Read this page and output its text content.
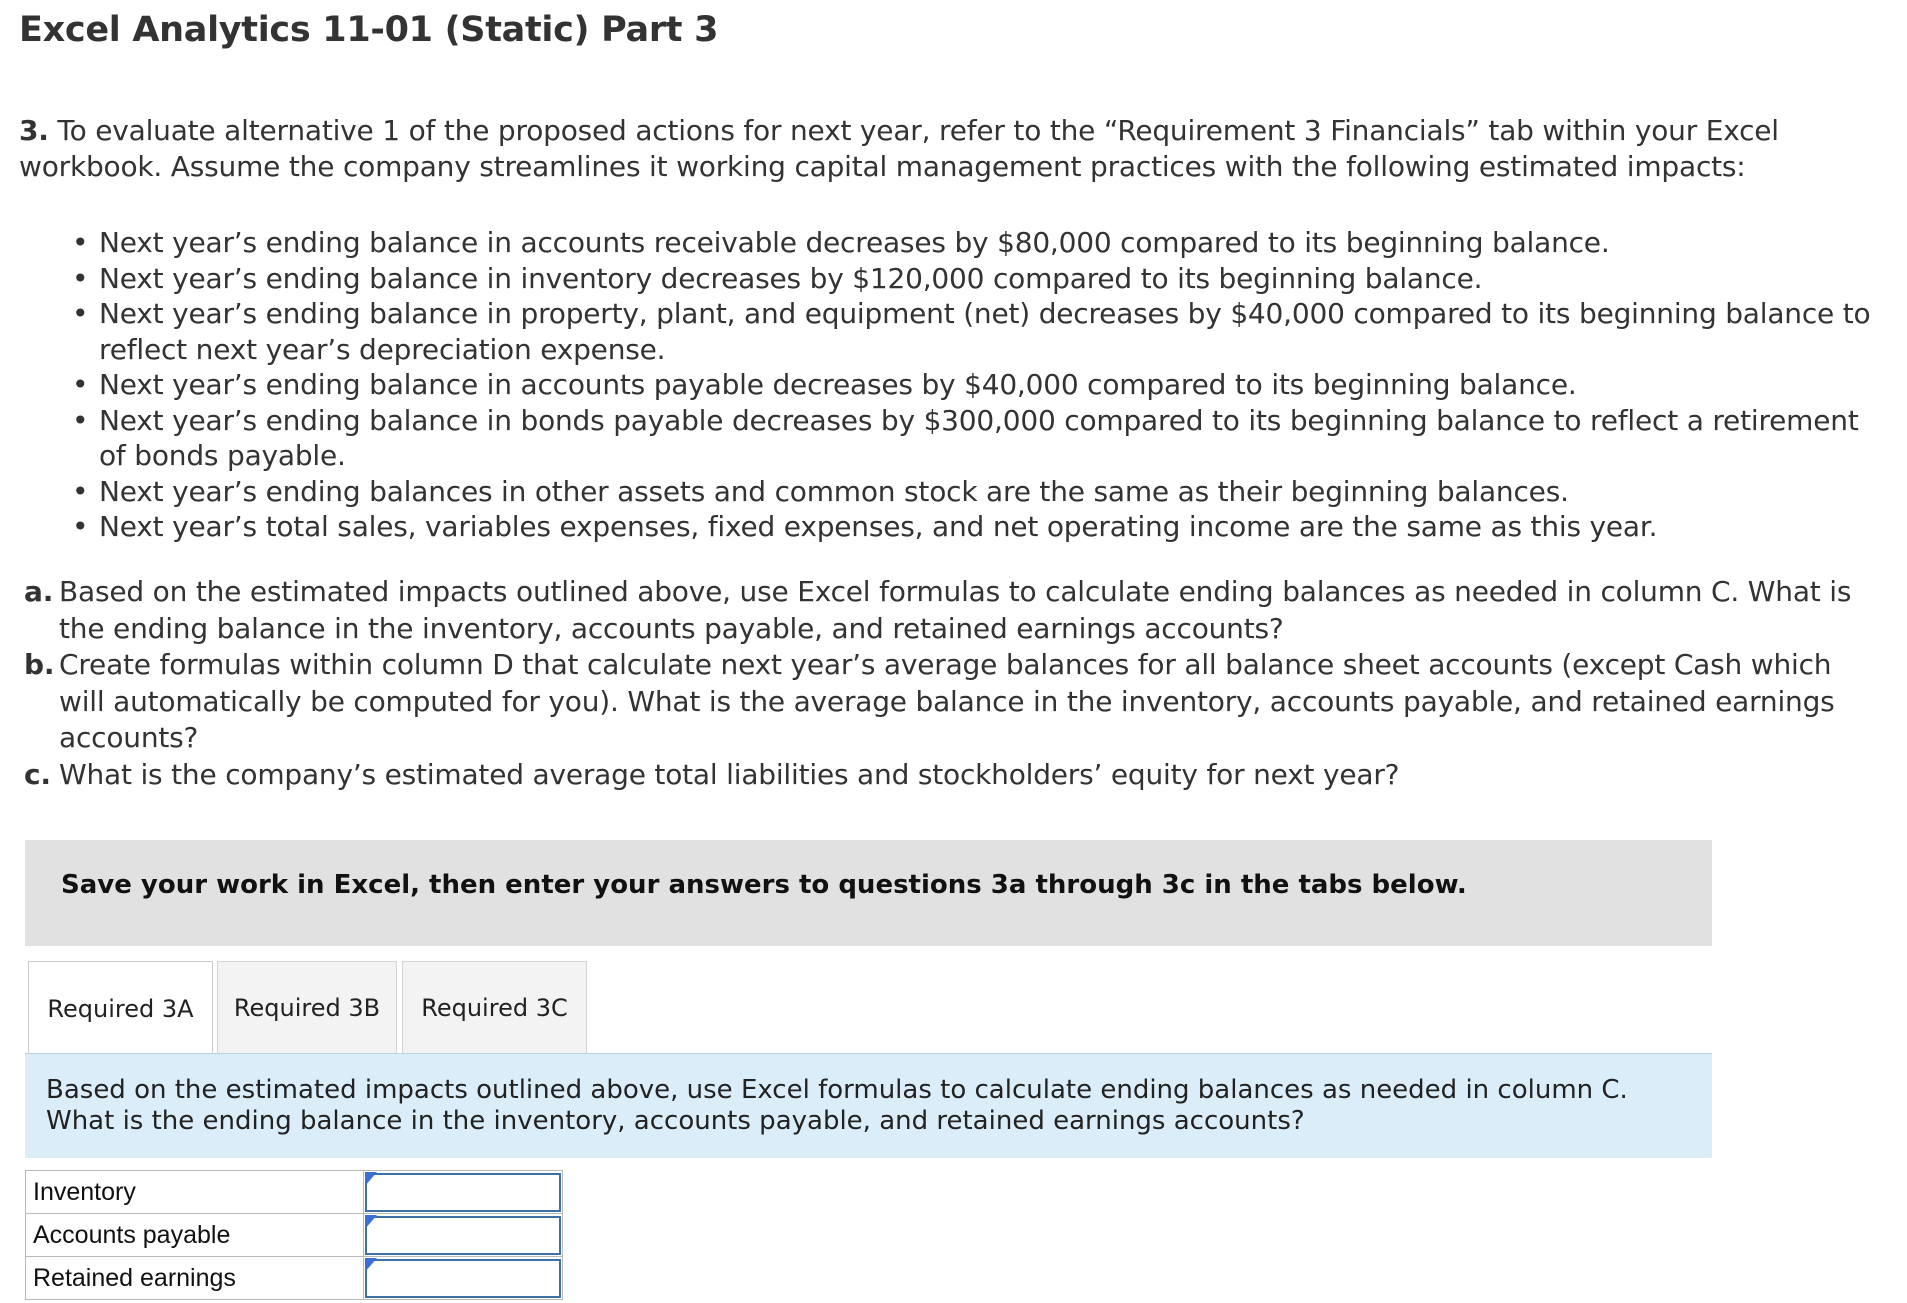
Excel Analytics 11-01 (Static) Part 3
3. To evaluate alternative 1 of the proposed actions for next year, refer to the “Requirement 3 Financials” tab within your Excel workbook. Assume the company streamlines it working capital management practices with the following estimated impacts:
• Next year’s ending balance in accounts receivable decreases by $80,000 compared to its beginning balance.
• Next year’s ending balance in inventory decreases by $120,000 compared to its beginning balance.
• Next year’s ending balance in property, plant, and equipment (net) decreases by $40,000 compared to its beginning balance to reflect next year’s depreciation expense.
• Next year’s ending balance in accounts payable decreases by $40,000 compared to its beginning balance.
• Next year’s ending balance in bonds payable decreases by $300,000 compared to its beginning balance to reflect a retirement of bonds payable.
• Next year’s ending balances in other assets and common stock are the same as their beginning balances.
• Next year’s total sales, variables expenses, fixed expenses, and net operating income are the same as this year.
a. Based on the estimated impacts outlined above, use Excel formulas to calculate ending balances as needed in column C. What is the ending balance in the inventory, accounts payable, and retained earnings accounts?
b. Create formulas within column D that calculate next year’s average balances for all balance sheet accounts (except Cash which will automatically be computed for you). What is the average balance in the inventory, accounts payable, and retained earnings accounts?
c. What is the company’s estimated average total liabilities and stockholders’ equity for next year?
Save your work in Excel, then enter your answers to questions 3a through 3c in the tabs below.
Required 3A	Required 3B	Required 3C
Based on the estimated impacts outlined above, use Excel formulas to calculate ending balances as needed in column C. What is the ending balance in the inventory, accounts payable, and retained earnings accounts?
Inventory	

Accounts payable	

Retained earnings	
